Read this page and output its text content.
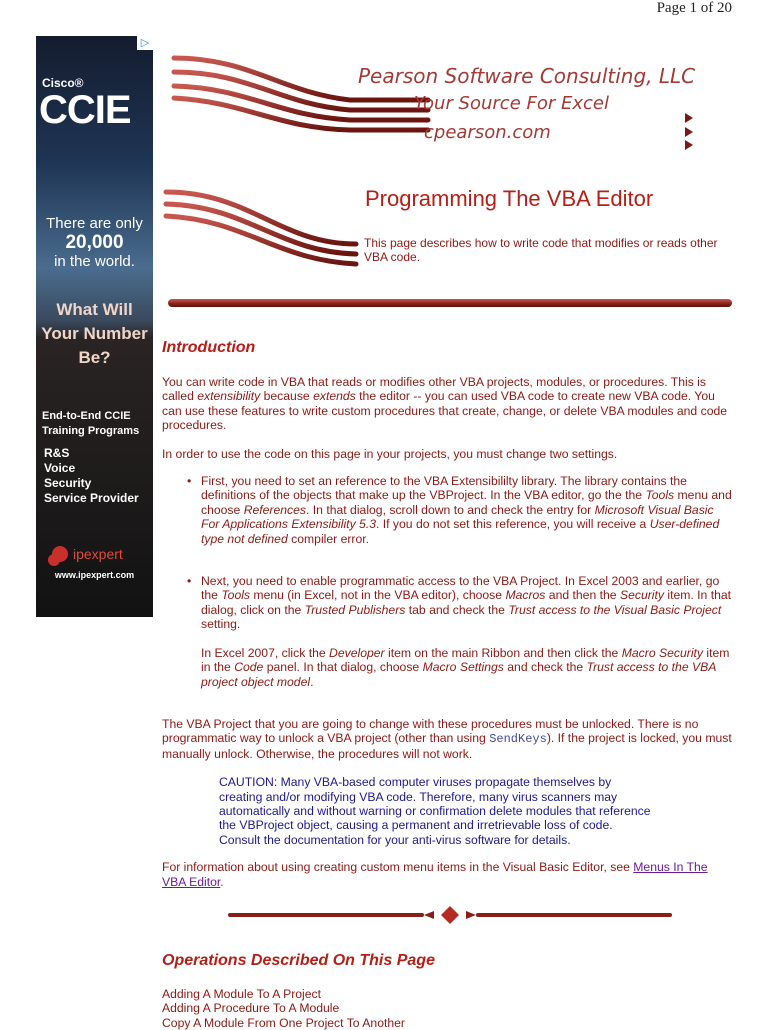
Page 1 of 20
▷
Cisco®
CCIE
There are only
20,000
in the world.
What Will
Your Number
Be?
End-to-End CCIE
Training Programs
R&S
Voice
Security
Service Provider
ipexpert
www.ipexpert.com
Pearson Software Consulting, LLC
Your Source For Excel
cpearson.com
Programming The VBA Editor
This page describes how to write code that modifies or reads other VBA code.
Introduction

You can write code in VBA that reads or modifies other VBA projects, modules, or procedures. This is called extensibility because extends the editor -- you can used VBA code to create new VBA code. You can use these features to write custom procedures that create, change, or delete VBA modules and code procedures.

In order to use the code on this page in your projects, you must change two settings.

• First, you need to set an reference to the VBA Extensibililty library. The library contains the definitions of the objects that make up the VBProject. In the VBA editor, go the the Tools menu and choose References. In that dialog, scroll down to and check the entry for Microsoft Visual Basic For Applications Extensibility 5.3. If you do not set this reference, you will receive a User-defined type not defined compiler error.
• Next, you need to enable programmatic access to the VBA Project. In Excel 2003 and earlier, go the Tools menu (in Excel, not in the VBA editor), choose Macros and then the Security item. In that dialog, click on the Trusted Publishers tab and check the Trust access to the Visual Basic Project setting.

In Excel 2007, click the Developer item on the main Ribbon and then click the Macro Security item in the Code panel. In that dialog, choose Macro Settings and check the Trust access to the VBA project object model.

The VBA Project that you are going to change with these procedures must be unlocked. There is no programmatic way to unlock a VBA project (other than using SendKeys). If the project is locked, you must manually unlock. Otherwise, the procedures will not work.

CAUTION: Many VBA-based computer viruses propagate themselves by
creating and/or modifying VBA code. Therefore, many virus scanners may
automatically and without warning or confirmation delete modules that reference
the VBProject object, causing a permanent and irretrievable loss of code.
Consult the documentation for your anti-virus software for details.

For information about using creating custom menu items in the Visual Basic Editor, see Menus In The VBA Editor.

Operations Described On This Page

Adding A Module To A Project

Adding A Procedure To A Module

Copy A Module From One Project To Another
